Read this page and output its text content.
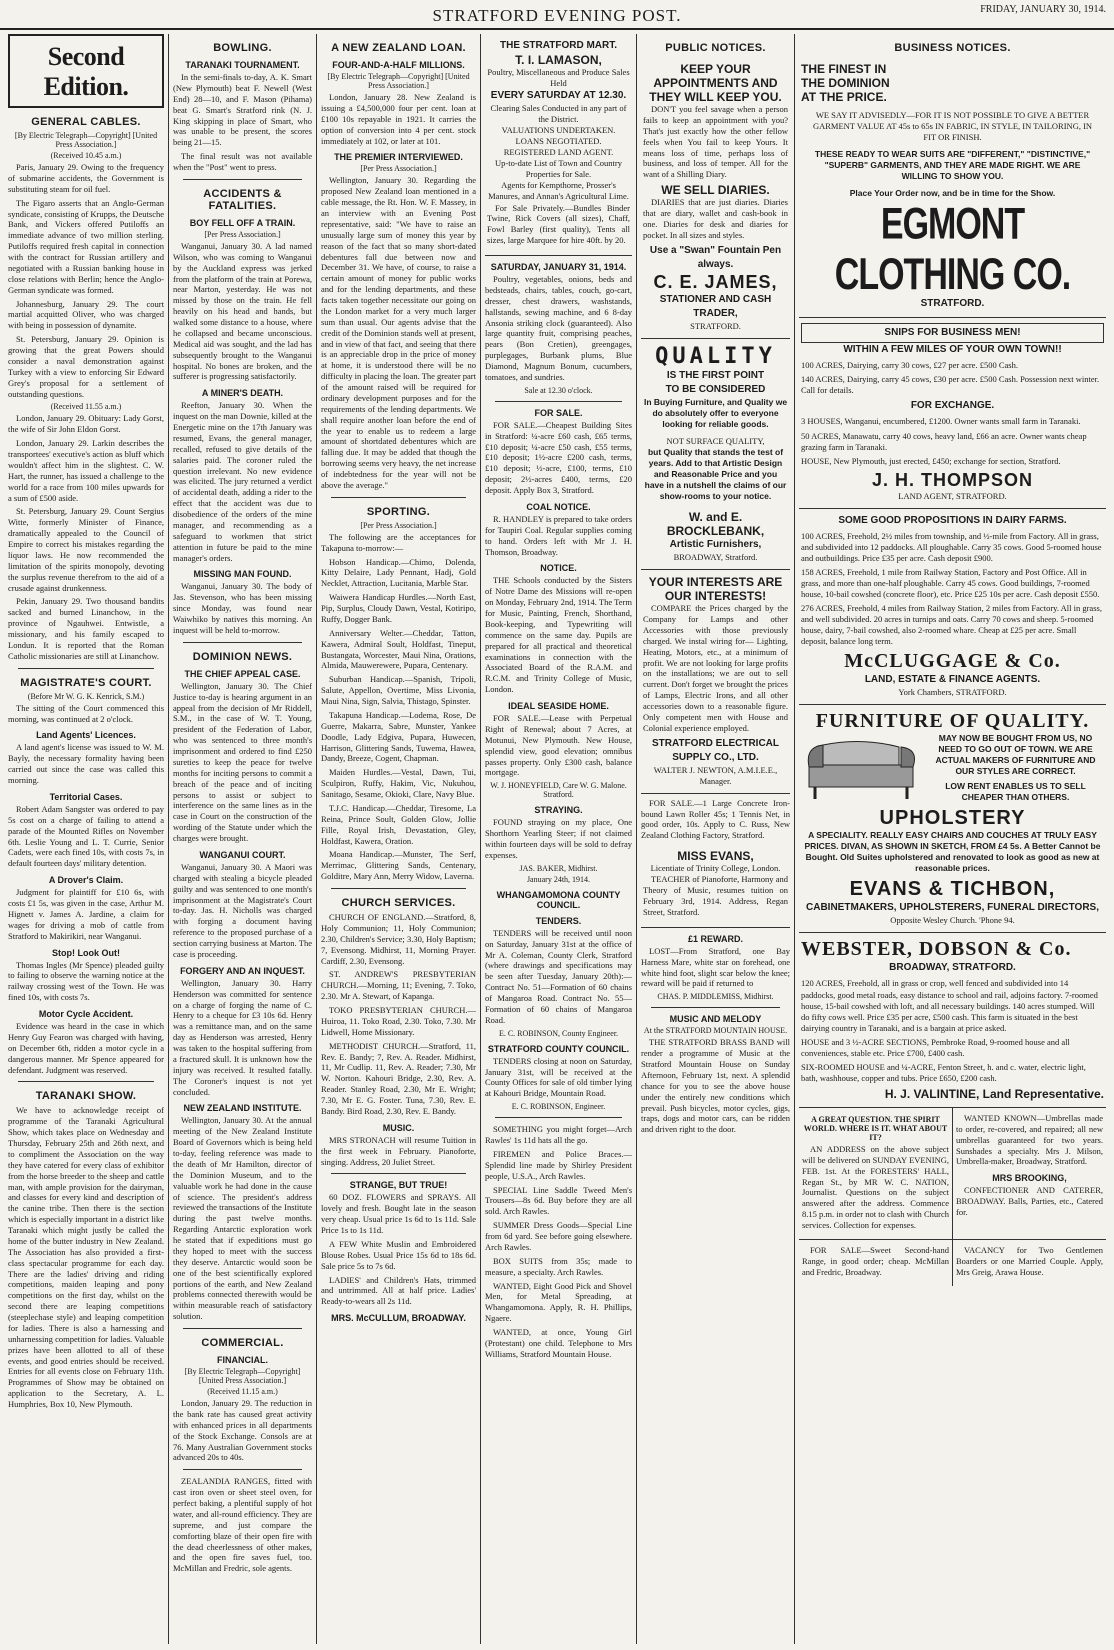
STRATFORD EVENING POST.	FRIDAY, JANUARY 30, 1914.
Second Edition.
GENERAL CABLES.
[By Electric Telegraph—Copyright] [United Press Association.]
(Received 10.45 a.m.)

Paris, January 29. Owing to the frequency of submarine accidents, the Government is substituting steam for oil fuel.

The Figaro asserts that an Anglo-German syndicate, consisting of Krupps, the Deutsche Bank, and Vickers offered Putiloffs an immediate advance of two million sterling. Putiloffs required fresh capital in connection with the contract for Russian artillery and negotiated with a Russian banking house in close relations with Berlin; hence the Anglo-German syndicate was formed.

Johannesburg, January 29. The court martial acquitted Oliver, who was charged with being in possession of dynamite.

St. Petersburg, January 29. Opinion is growing that the great Powers should consider a naval demonstration against Turkey with a view to enforcing Sir Edward Grey's proposal for a settlement of outstanding questions.

(Received 11.55 a.m.)

London, January 29. Obituary: Lady Gorst, the wife of Sir John Eldon Gorst.

London, January 29. Larkin describes the transportees' executive's action as bluff which wouldn't affect him in the slightest. C. W. Hart, the runner, has issued a challenge to the world for a race from 100 miles upwards for a sum of £500 aside.

St. Petersburg, January 29. Count Sergius Witte, formerly Minister of Finance, dramatically appealed to the Council of Empire to correct his mistakes regarding the liquor laws. He now recommended the limitation of the spirits monopoly, devoting the surplus revenue therefrom to the aid of a crusade against drunkenness.

Pekin, January 29. Two thousand bandits sacked and burned Linanchow, in the province of Ngauhwei. Entwistle, a missionary, and his family escaped to Londun. It is reported that the Roman Catholic missionaries are still at Linanchow.

MAGISTRATE'S COURT.
(Before Mr W. G. K. Kenrick, S.M.)

The sitting of the Court commenced this morning, was continued at 2 o'clock.

Land Agents' Licences.

A land agent's license was issued to W. M. Bayly, the necessary formality having been carried out since the case was called this morning.

Territorial Cases.

Robert Adam Sangster was ordered to pay 5s cost on a charge of failing to attend a parade of the Mounted Rifles on November 6th. Leslie Young and L. T. Currie, Senior Cadets, were each fined 10s, with costs 7s, in default fourteen days' military detention.

A Drover's Claim.

Judgment for plaintiff for £10 6s, with costs £1 5s, was given in the case, Arthur M. Hignett v. James A. Jardine, a claim for wages for driving a mob of cattle from Stratford to Makirikiri, near Wanganui.

Stop! Look Out!

Thomas Ingles (Mr Spence) pleaded guilty to failing to observe the warning notice at the railway crossing west of the Town. He was fined 10s, with costs 7s.

Motor Cycle Accident.

Evidence was heard in the case in which Henry Guy Fearon was charged with having, on December 6th, ridden a motor cycle in a dangerous manner. Mr Spence appeared for defendant. Judgment was reserved.

TARANAKI SHOW.

We have to acknowledge receipt of programme of the Taranaki Agricultural Show, which takes place on Wednesday and Thursday, February 25th and 26th next, and to compliment the Association on the way they have catered for every class of exhibitor from the horse breeder to the sheep and cattle man, with ample provision for the dairyman, and classes for every kind and description of the canine tribe. Then there is the section which is especially important in a district like Taranaki which might justly be called the home of the butter industry in New Zealand. The Association has also provided a first-class spectacular programme for each day. There are the ladies' driving and riding competitions, maiden leaping and pony competitions on the first day, whilst on the second there are leaping competitions (steeplechase style) and leaping competition for ladies. There is also a harnessing and unharnessing competition for ladies. Valuable prizes have been allotted to all of these events, and good entries should be received. Entries for all events close on February 11th. Programmes of Show may be obtained on application to the Secretary, A. L. Humphries, Box 10, New Plymouth.

BOWLING.
TARANAKI TOURNAMENT.

In the semi-finals to-day, A. K. Smart (New Plymouth) beat F. Newell (West End) 28—10, and F. Mason (Pihama) beat G. Smart's Stratford rink (N. J. King skipping in place of Smart, who was unable to be present, the scores being 21—15.

The final result was not available when the "Post" went to press.

ACCIDENTS & FATALITIES.
BOY FELL OFF A TRAIN.
[Per Press Association.]

Wanganui, January 30. A lad named Wilson, who was coming to Wanganui by the Auckland express was jerked from the platform of the train at Porewa, near Marton, yesterday. He was not missed by those on the train. He fell heavily on his head and hands, but walked some distance to a house, where he collapsed and became unconscious. Medical aid was sought, and the lad has subsequently brought to the Wanganui hospital. No bones are broken, and the sufferer is progressing satisfactorily.

A MINER'S DEATH.

Reefton, January 30. When the inquest on the man Downie, killed at the Energetic mine on the 17th January was resumed, Evans, the general manager, recalled, refused to give details of the salaries paid. The coroner ruled the question irrelevant. No new evidence was elicited. The jury returned a verdict of accidental death, adding a rider to the effect that the accident was due to disobedience of the orders of the mine manager, and recommending as a safeguard to workmen that strict attention in future be paid to the mine manager's orders.

MISSING MAN FOUND.

Wanganui, January 30. The body of Jas. Stevenson, who has been missing since Monday, was found near Waiwhiko by natives this morning. An inquest will be held to-morrow.

DOMINION NEWS.
THE CHIEF APPEAL CASE.

Wellington, January 30. The Chief Justice to-day is hearing argument in an appeal from the decision of Mr Riddell, S.M., in the case of W. T. Young, president of the Federation of Labor, who was sentenced to three month's imprisonment and ordered to find £250 sureties to keep the peace for twelve months for inciting persons to commit a breach of the peace and of inciting persons to assist or subject to interference on the same lines as in the case in Court on the construction of the wording of the Statute under which the charges were brought.

WANGANUI COURT.

Wanganui, January 30. A Maori was charged with stealing a bicycle pleaded guilty and was sentenced to one month's imprisonment at the Magistrate's Court to-day. Jas. H. Nicholls was charged with forging a document having reference to the proposed purchase of a section carrying business at Marton. The case is proceeding.

FORGERY AND AN INQUEST.

Wellington, January 30. Harry Henderson was committed for sentence on a charge of forging the name of C. Henry to a cheque for £3 10s 6d. Henry was a remittance man, and on the same day as Henderson was arrested, Henry was taken to the hospital suffering from a fractured skull. It is unknown how the injury was received. It resulted fatally. The Coroner's inquest is not yet concluded.

NEW ZEALAND INSTITUTE.

Wellington, January 30. At the annual meeting of the New Zealand Institute Board of Governors which is being held to-day, feeling reference was made to the death of Mr Hamilton, director of the Dominion Museum, and to the valuable work he had done in the cause of science. The president's address reviewed the transactions of the Institute during the past twelve months. Regarding Antarctic exploration work he stated that if expeditions must go they hoped to meet with the success they deserve. Antarctic would soon be one of the best scientifically explored portions of the earth, and New Zealand problems connected therewith would be within measurable reach of satisfactory solution.

COMMERCIAL.
FINANCIAL.
[By Electric Telegraph—Copyright] [United Press Association.]
(Received 11.15 a.m.)

London, January 29. The reduction in the bank rate has caused great activity with enhanced prices in all departments of the Stock Exchange. Consols are at 76. Many Australian Government stocks advanced 20s to 40s.

ZEALANDIA RANGES, fitted with cast iron oven or sheet steel oven, for perfect baking, a plentiful supply of hot water, and all-round efficiency. They are supreme, and just compare the comforting blaze of their open fire with the dead cheerlessness of other makes, and the open fire saves fuel, too. McMillan and Fredric, sole agents.

A NEW ZEALAND LOAN.
FOUR-AND-A-HALF MILLIONS.
[By Electric Telegraph—Copyright] [United Press Association.]

London, January 28. New Zealand is issuing a £4,500,000 four per cent. loan at £100 10s repayable in 1921. It carries the option of conversion into 4 per cent. stock immediately at 102, or later at 101.

THE PREMIER INTERVIEWED.
[Per Press Association.]

Wellington, January 30. Regarding the proposed New Zealand loan mentioned in a cable message, the Rt. Hon. W. F. Massey, in an interview with an Evening Post representative, said: "We have to raise an unusually large sum of money this year by reason of the fact that so many short-dated debentures fall due between now and December 31. We have, of course, to raise a certain amount of money for public works and for the lending departments, and these facts taken together necessitate our going on the London market for a very much larger sum than usual. Our agents advise that the credit of the Dominion stands well at present, and in view of that fact, and seeing that there is an appreciable drop in the price of money at home, it is understood there will be no difficulty in placing the loan. The greater part of the amount raised will be required for ordinary development purposes and for the requirements of the lending departments. We shall require another loan before the end of the year to enable us to redeem a large amount of shortdated debentures which are falling due. It may be added that though the borrowing seems very heavy, the net increase of indebtedness for the year will not be above the average."

SPORTING.
[Per Press Association.]

The following are the acceptances for Takapuna to-morrow:—

Hobson Handicap.—Chimo, Dolenda, Kitty Delaire, Lady Pennant, Hadj, Gold Necklet, Attraction, Lucitania, Marble Star.

Waiwera Handicap Hurdles.—North East, Pip, Surplus, Cloudy Dawn, Vestal, Kotiripo, Ruffy, Dogger Bank.

Anniversary Welter.—Cheddar, Tatton, Kawera, Admiral Soult, Holdfast, Tineput, Bustangata, Worcester, Maui Nina, Orations, Almida, Mauwerewere, Pupara, Centenary.

Suburban Handicap.—Spanish, Tripoli, Salute, Appellon, Overtime, Miss Livonia, Maui Nina, Sign, Salvia, Thistago, Spinster.

Takapuna Handicap.—Lodema, Rose, De Guerre, Makarra, Sabre, Munster, Yankee Doodle, Lady Edgiva, Pupara, Huwecen, Harrison, Glittering Sands, Tuwema, Hawea, Dandy, Breeze, Cogent, Chapman.

Maiden Hurdles.—Vestal, Dawn, Tui, Sculpiron, Ruffy, Hakim, Vic, Nukuhou, Sanitago, Sesame, Okioki, Clare, Navy Blue.

T.J.C. Handicap.—Cheddar, Tiresome, La Reina, Prince Soult, Golden Glow, Jollie Fille, Royal Irish, Devastation, Gley, Holdfast, Kawera, Oration.

Moana Handicap.—Munster, The Serf, Merrimac, Glittering Sands, Centenary, Golditre, Mary Ann, Merry Widow, Laverna.

CHURCH SERVICES.

CHURCH OF ENGLAND.—Stratford, 8, Holy Communion; 11, Holy Communion; 2.30, Children's Service; 3.30, Holy Baptism; 7, Evensong. Midhirst, 11, Morning Prayer. Cardiff, 2.30, Evensong.

ST. ANDREW'S PRESBYTERIAN CHURCH.—Morning, 11; Evening, 7. Toko, 2.30. Mr A. Stewart, of Kapanga.

TOKO PRESBYTERIAN CHURCH.—Huiroa, 11. Toko Road, 2.30. Toko, 7.30. Mr Lidwell, Home Missionary.

METHODIST CHURCH.—Stratford, 11, Rev. E. Bandy; 7, Rev. A. Reader. Midhirst, 11, Mr Cudlip. 11, Rev. A. Reader; 7.30, Mr W. Norton. Kahouri Bridge, 2.30, Rev. A. Reader. Stanley Road, 2.30, Mr E. Wright; 7.30, Mr E. G. Foster. Tuna, 7.30, Rev. E. Bandy. Bird Road, 2.30, Rev. E. Bandy.

MUSIC.

MRS STRONACH will resume Tuition in the first week in February. Pianoforte, singing. Address, 20 Juliet Street.

STRANGE, BUT TRUE!

60 DOZ. FLOWERS and SPRAYS. All lovely and fresh. Bought late in the season very cheap. Usual price 1s 6d to 1s 11d. Sale Price 1s to 1s 11d.

A FEW White Muslin and Embroidered Blouse Robes. Usual Price 15s 6d to 18s 6d. Sale price 5s to 7s 6d.

LADIES' and Children's Hats, trimmed and untrimmed. All at half price. Ladies' Ready-to-wears all 2s 11d.

MRS. McCULLUM, BROADWAY.
THE STRATFORD MART.
T. I. LAMASON,
Poultry, Miscellaneous and Produce Sales Held
EVERY SATURDAY AT 12.30.
Clearing Sales Conducted in any part of the District.
VALUATIONS UNDERTAKEN.
LOANS NEGOTIATED.
REGISTERED LAND AGENT.
Up-to-date List of Town and Country Properties for Sale.
Agents for Kempthorne, Prosser's Manures, and Annan's Agricultural Lime.

For Sale Privately.—Bundles Binder Twine, Rick Covers (all sizes), Chaff, Fowl Barley (first quality), Tents all sizes, large Marquee for hire 40ft. by 20.

SATURDAY, JANUARY 31, 1914.

Poultry, vegetables, onions, beds and bedsteads, chairs, tables, couch, go-cart, dresser, chest drawers, washstands, hallstands, sewing machine, and 6 8-day Ansonia striking clock (guaranteed). Also large quantity fruit, comprising peaches, pears (Bon Cretien), greengages, purplegages, Burbank plums, Blue Diamond, Magnum Bonum, cucumbers, tomatoes, and sundries.

Sale at 12.30 o'clock.
FOR SALE.

FOR SALE.—Cheapest Building Sites in Stratford: ¼-acre £60 cash, £65 terms, £10 deposit; ¼-acre £50 cash, £55 terms, £10 deposit; 1½-acre £200 cash, terms, £10 deposit; ½-acre, £100, terms, £10 deposit; 2½-acres £400, terms, £20 deposit. Apply Box 3, Stratford.

COAL NOTICE.

R. HANDLEY is prepared to take orders for Taupiri Coal. Regular supplies coming to hand. Orders left with Mr J. H. Thomson, Broadway.

NOTICE.

THE Schools conducted by the Sisters of Notre Dame des Missions will re-open on Monday, February 2nd, 1914. The Term for Music, Painting, French, Shorthand, Book-keeping, and Typewriting will commence on the same day. Pupils are prepared for all practical and theoretical examinations in connection with the Associated Board of the R.A.M. and R.C.M. and Trinity College of Music, London.

IDEAL SEASIDE HOME.

FOR SALE.—Lease with Perpetual Right of Renewal; about 7 Acres, at Motunui, New Plymouth. New House, splendid view, good elevation; omnibus passes property. Only £300 cash, balance mortgage.

W. J. HONEYFIELD, Care W. G. Malone. Stratford.
STRAYING.

FOUND straying on my place, One Shorthorn Yearling Steer; if not claimed within fourteen days will be sold to defray expenses.

JAS. BAKER, Midhirst.
January 24th, 1914.
WHANGAMOMONA COUNTY COUNCIL.
TENDERS.

TENDERS will be received until noon on Saturday, January 31st at the office of Mr A. Coleman, County Clerk, Stratford (where drawings and specifications may be seen after Tuesday, January 20th):— Contract No. 51—Formation of 60 chains of Mangaroa Road. Contract No. 55—Formation of 60 chains of Mangaroa Road.

E. C. ROBINSON, County Engineer.
STRATFORD COUNTY COUNCIL.

TENDERS closing at noon on Saturday, January 31st, will be received at the County Offices for sale of old timber lying at Kahouri Bridge, Mountain Road.

E. C. ROBINSON, Engineer.

SOMETHING you might forget—Arch Rawles' 1s 11d hats all the go.

FIREMEN and Police Braces.—Splendid line made by Shirley President people, U.S.A., Arch Rawles.

SPECIAL Line Saddle Tweed Men's Trousers—8s 6d. Buy before they are all sold. Arch Rawles.

SUMMER Dress Goods—Special Line from 6d yard. See before going elsewhere. Arch Rawles.

BOX SUITS from 35s; made to measure, a specialty. Arch Rawles.

WANTED, Eight Good Pick and Shovel Men, for Metal Spreading, at Whangamomona. Apply, R. H. Phillips, Ngaere.

WANTED, at once, Young Girl (Protestant) one child. Telephone to Mrs Williams, Stratford Mountain House.

PUBLIC NOTICES.
KEEP YOUR APPOINTMENTS AND THEY WILL KEEP YOU.

DON'T you feel savage when a person fails to keep an appointment with you? That's just exactly how the other fellow feels when You fail to keep Yours. It means loss of time, perhaps loss of business, and loss of temper. All for the want of a Shilling Diary.

WE SELL DIARIES.

DIARIES that are just diaries. Diaries that are diary, wallet and cash-book in one. Diaries for desk and diaries for pocket. In all sizes and styles.

Use a "Swan" Fountain Pen always.
C. E. JAMES,
STATIONER AND CASH TRADER,
STRATFORD.
QUALITY
IS THE FIRST POINT
TO BE CONSIDERED
In Buying Furniture, and Quality we do absolutely offer to everyone looking for reliable goods.
NOT SURFACE QUALITY,
but Quality that stands the test of years. Add to that Artistic Design and Reasonable Price and you have in a nutshell the claims of our show-rooms to your notice.
W. and E. BROCKLEBANK,
Artistic Furnishers,
BROADWAY, Stratford.
YOUR INTERESTS ARE OUR INTERESTS!

COMPARE the Prices charged by the Company for Lamps and other Accessories with those previously charged. We instal wiring for— Lighting, Heating, Motors, etc., at a minimum of profit. We are not looking for large profits on the installations; we are out to sell current. Don't forget we brought the prices of Lamps, Electric Irons, and all other accessories down to a reasonable figure. Only competent men with House and Colonial experience employed.

STRATFORD ELECTRICAL SUPPLY CO., LTD.
WALTER J. NEWTON, A.M.I.E.E., Manager.

FOR SALE.—1 Large Concrete Iron-bound Lawn Roller 45s; 1 Tennis Net, in good order, 10s. Apply to C. Russ, New Zealand Clothing Factory, Stratford.

MISS EVANS,
Licentiate of Trinity College, London.

TEACHER of Pianoforte, Harmony and Theory of Music, resumes tuition on February 3rd, 1914. Address, Regan Street, Stratford.

£1 REWARD.

LOST—From Stratford, one Bay Harness Mare, white star on forehead, one white hind foot, slight scar below the knee; reward will be paid if returned to

CHAS. P. MIDDLEMISS, Midhirst.
MUSIC AND MELODY
At the STRATFORD MOUNTAIN HOUSE.

THE STRATFORD BRASS BAND will render a programme of Music at the Stratford Mountain House on Sunday Afternoon, February 1st, next. A splendid chance for you to see the above house under the entirely new conditions which prevail. Push bicycles, motor cycles, gigs, traps, dogs and motor cars, can be ridden and driven right to the door.

BUSINESS NOTICES.
THE FINEST IN
THE DOMINION
AT THE PRICE.
WE SAY IT ADVISEDLY—FOR IT IS NOT POSSIBLE TO GIVE A BETTER GARMENT VALUE AT 45s to 65s IN FABRIC, IN STYLE, IN TAILORING, IN FIT OR FINISH.
THESE READY TO WEAR SUITS ARE "DIFFERENT," "DISTINCTIVE," "SUPERB" GARMENTS, AND THEY ARE MADE RIGHT. WE ARE WILLING TO SHOW YOU.
Place Your Order now, and be in time for the Show.
EGMONT CLOTHING CO.
STRATFORD.
SNIPS FOR BUSINESS MEN!
WITHIN A FEW MILES OF YOUR OWN TOWN!!
100 ACRES, Dairying, carry 30 cows, £27 per acre. £500 Cash.
140 ACRES, Dairying, carry 45 cows, £30 per acre. £500 Cash. Possession next winter. Call for details.
FOR EXCHANGE.
3 HOUSES, Wanganui, encumbered, £1200. Owner wants small farm in Taranaki.
50 ACRES, Manawatu, carry 40 cows, heavy land, £66 an acre. Owner wants cheap grazing farm in Taranaki.
HOUSE, New Plymouth, just erected, £450; exchange for section, Stratford.
J. H. THOMPSON
LAND AGENT, STRATFORD.
SOME GOOD PROPOSITIONS IN DAIRY FARMS.
100 ACRES, Freehold, 2½ miles from township, and ½-mile from Factory. All in grass, and subdivided into 12 paddocks. All ploughable. Carry 35 cows. Good 5-roomed house and outbuildings. Price £35 per acre. Cash deposit £900.
158 ACRES, Freehold, 1 mile from Railway Station, Factory and Post Office. All in grass, and more than one-half ploughable. Carry 45 cows. Good buildings, 7-roomed house, 10-bail cowshed (concrete floor), etc. Price £25 10s per acre. Cash deposit £550.
276 ACRES, Freehold, 4 miles from Railway Station, 2 miles from Factory. All in grass, and well subdivided. 20 acres in turnips and oats. Carry 70 cows and sheep. 5-roomed house, dairy, 7-bail cowshed, also 2-roomed whare. Cheap at £25 per acre. Small deposit, balance long term.
McCLUGGAGE & Co.
LAND, ESTATE & FINANCE AGENTS.
York Chambers, STRATFORD.
FURNITURE OF QUALITY.
MAY NOW BE BOUGHT FROM US, NO NEED TO GO OUT OF TOWN. WE ARE ACTUAL MAKERS OF FURNITURE AND OUR STYLES ARE CORRECT.
LOW RENT ENABLES US TO SELL CHEAPER THAN OTHERS.
UPHOLSTERY
A SPECIALITY. REALLY EASY CHAIRS AND COUCHES AT TRULY EASY PRICES. DIVAN, AS SHOWN IN SKETCH, FROM £4 5s. A Better Cannot be Bought. Old Suites upholstered and renovated to look as good as new at reasonable prices.
EVANS & TICHBON,
CABINETMAKERS, UPHOLSTERERS, FUNERAL DIRECTORS,
Opposite Wesley Church. 'Phone 94.
WEBSTER, DOBSON & Co.
BROADWAY, STRATFORD.
120 ACRES, Freehold, all in grass or crop, well fenced and subdivided into 14 paddocks, good metal roads, easy distance to school and rail, adjoins factory. 7-roomed house, 15-bail cowshed with loft, and all necessary buildings. 140 acres stumped. Will do fifty cows well. Price £35 per acre, £500 cash. This farm is situated in the best dairying country in Taranaki, and is a bargain at price asked.
HOUSE and 3 ½-ACRE SECTIONS, Pembroke Road, 9-roomed house and all conveniences, stable etc. Price £700, £400 cash.
SIX-ROOMED HOUSE and ¼-ACRE, Fenton Street, h. and c. water, electric light, bath, washhouse, copper and tubs. Price £650, £200 cash.
H. J. VALINTINE, Land Representative.
A GREAT QUESTION. THE SPIRIT WORLD. WHERE IS IT. WHAT ABOUT IT?

AN ADDRESS on the above subject will be delivered on SUNDAY EVENING, FEB. 1st. At the FORESTERS' HALL, Regan St., by MR W. C. NATION, Journalist. Questions on the subject answered after the address. Commence 8.15 p.m. in order not to clash with Church services. Collection for expenses.

WANTED KNOWN—Umbrellas made to order, re-covered, and repaired; all new umbrellas guaranteed for two years. Sunshades a specialty. Mrs J. Milson, Umbrella-maker, Broadway, Stratford.

MRS BROOKING,

CONFECTIONER AND CATERER, BROADWAY. Balls, Parties, etc., Catered for.

FOR SALE—Sweet Second-hand Range, in good order; cheap. McMillan and Fredric, Broadway.

VACANCY for Two Gentlemen Boarders or one Married Couple. Apply, Mrs Greig, Arawa House.
